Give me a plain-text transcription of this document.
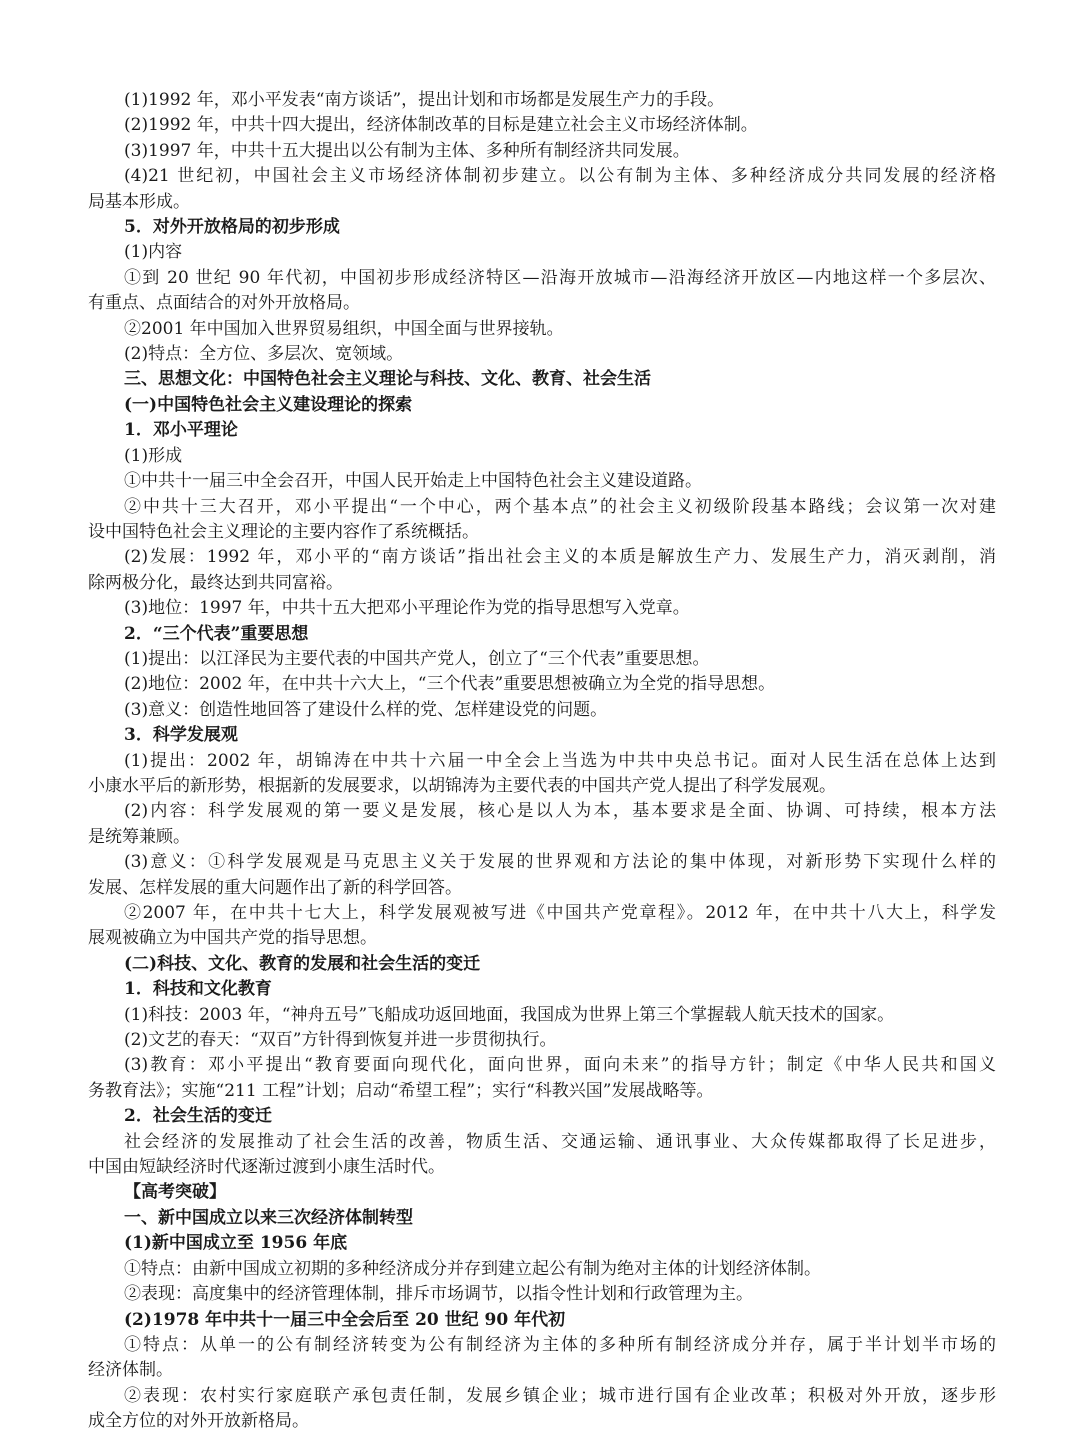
(1)1992 年，邓小平发表“南方谈话”，提出计划和市场都是发展生产力的手段。

(2)1992 年，中共十四大提出，经济体制改革的目标是建立社会主义市场经济体制。

(3)1997 年，中共十五大提出以公有制为主体、多种所有制经济共同发展。

(4)21 世纪初，中国社会主义市场经济体制初步建立。以公有制为主体、多种经济成分共同发展的经济格

局基本形成。

5．对外开放格局的初步形成

(1)内容

①到 20 世纪 90 年代初，中国初步形成经济特区—沿海开放城市—沿海经济开放区—内地这样一个多层次、

有重点、点面结合的对外开放格局。

②2001 年中国加入世界贸易组织，中国全面与世界接轨。

(2)特点：全方位、多层次、宽领域。

三、思想文化：中国特色社会主义理论与科技、文化、教育、社会生活

(一)中国特色社会主义建设理论的探索

1．邓小平理论

(1)形成

①中共十一届三中全会召开，中国人民开始走上中国特色社会主义建设道路。

②中共十三大召开，邓小平提出“一个中心，两个基本点”的社会主义初级阶段基本路线；会议第一次对建

设中国特色社会主义理论的主要内容作了系统概括。

(2)发展：1992 年，邓小平的“南方谈话”指出社会主义的本质是解放生产力、发展生产力，消灭剥削，消

除两极分化，最终达到共同富裕。

(3)地位：1997 年，中共十五大把邓小平理论作为党的指导思想写入党章。

2．“三个代表”重要思想

(1)提出：以江泽民为主要代表的中国共产党人，创立了“三个代表”重要思想。

(2)地位：2002 年，在中共十六大上，“三个代表”重要思想被确立为全党的指导思想。

(3)意义：创造性地回答了建设什么样的党、怎样建设党的问题。

3．科学发展观

(1)提出：2002 年，胡锦涛在中共十六届一中全会上当选为中共中央总书记。面对人民生活在总体上达到

小康水平后的新形势，根据新的发展要求，以胡锦涛为主要代表的中国共产党人提出了科学发展观。

(2)内容：科学发展观的第一要义是发展，核心是以人为本，基本要求是全面、协调、可持续，根本方法

是统筹兼顾。

(3)意义：①科学发展观是马克思主义关于发展的世界观和方法论的集中体现，对新形势下实现什么样的

发展、怎样发展的重大问题作出了新的科学回答。

②2007 年，在中共十七大上，科学发展观被写进《中国共产党章程》。2012 年，在中共十八大上，科学发

展观被确立为中国共产党的指导思想。

(二)科技、文化、教育的发展和社会生活的变迁

1．科技和文化教育

(1)科技：2003 年，“神舟五号”飞船成功返回地面，我国成为世界上第三个掌握载人航天技术的国家。

(2)文艺的春天：“双百”方针得到恢复并进一步贯彻执行。

(3)教育：邓小平提出“教育要面向现代化，面向世界，面向未来”的指导方针；制定《中华人民共和国义

务教育法》；实施“211 工程”计划；启动“希望工程”；实行“科教兴国”发展战略等。

2．社会生活的变迁

社会经济的发展推动了社会生活的改善，物质生活、交通运输、通讯事业、大众传媒都取得了长足进步，

中国由短缺经济时代逐渐过渡到小康生活时代。

【高考突破】

一、新中国成立以来三次经济体制转型

(1)新中国成立至 1956 年底

①特点：由新中国成立初期的多种经济成分并存到建立起公有制为绝对主体的计划经济体制。

②表现：高度集中的经济管理体制，排斥市场调节，以指令性计划和行政管理为主。

(2)1978 年中共十一届三中全会后至 20 世纪 90 年代初

①特点：从单一的公有制经济转变为公有制经济为主体的多种所有制经济成分并存，属于半计划半市场的

经济体制。

②表现：农村实行家庭联产承包责任制，发展乡镇企业；城市进行国有企业改革；积极对外开放，逐步形

成全方位的对外开放新格局。
